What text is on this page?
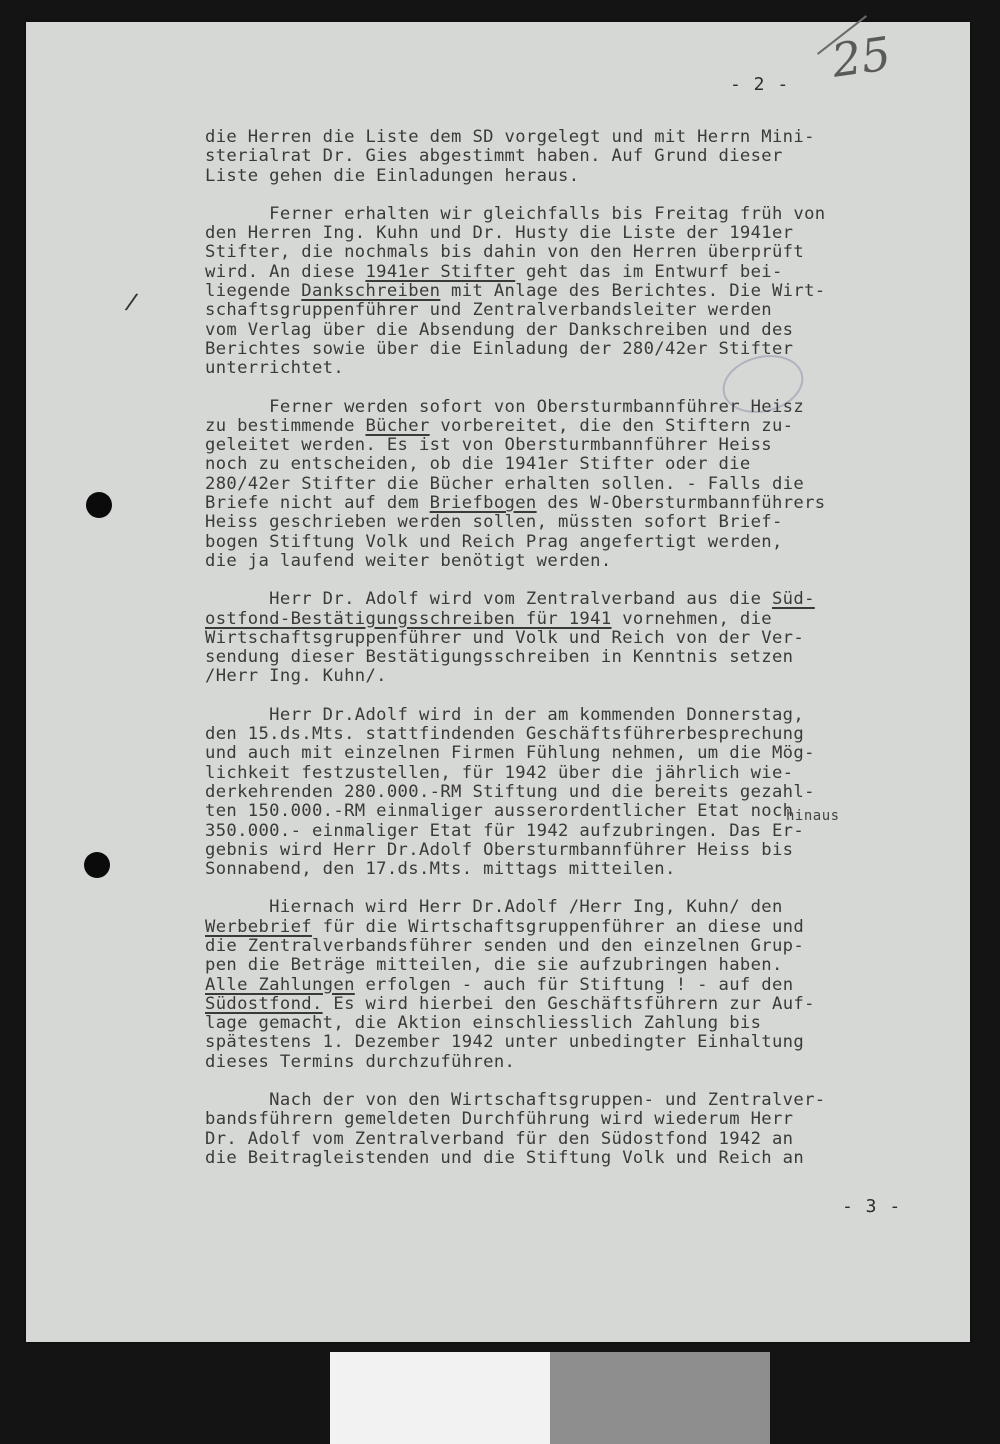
25
- 2 -
/
die Herren die Liste dem SD vorgelegt und mit Herrn Mini-
sterialrat Dr. Gies abgestimmt haben. Auf Grund dieser
Liste gehen die Einladungen heraus.
Ferner erhalten wir gleichfalls bis Freitag früh von
den Herren Ing. Kuhn und Dr. Husty die Liste der 1941er
Stifter, die nochmals bis dahin von den Herren überprüft
wird. An diese 1941er Stifter geht das im Entwurf bei-
liegende Dankschreiben mit Anlage des Berichtes. Die Wirt-
schaftsgruppenführer und Zentralverbandsleiter werden
vom Verlag über die Absendung der Dankschreiben und des
Berichtes sowie über die Einladung der 280/42er Stifter
unterrichtet.
Ferner werden sofort von Obersturmbannführer Heisz
zu bestimmende Bücher vorbereitet, die den Stiftern zu-
geleitet werden. Es ist von Obersturmbannführer Heiss
noch zu entscheiden, ob die 1941er Stifter oder die
280/42er Stifter die Bücher erhalten sollen. - Falls die
Briefe nicht auf dem Briefbogen des W-Obersturmbannführers
Heiss geschrieben werden sollen, müssten sofort Brief-
bogen Stiftung Volk und Reich Prag angefertigt werden,
die ja laufend weiter benötigt werden.
Herr Dr. Adolf wird vom Zentralverband aus die Süd-
ostfond-Bestätigungsschreiben für 1941 vornehmen, die
Wirtschaftsgruppenführer und Volk und Reich von der Ver-
sendung dieser Bestätigungsschreiben in Kenntnis setzen
/Herr Ing. Kuhn/.
Herr Dr.Adolf wird in der am kommenden Donnerstag,
den 15.ds.Mts. stattfindenden Geschäftsführerbesprechung
und auch mit einzelnen Firmen Fühlung nehmen, um die Mög-
lichkeit festzustellen, für 1942 über die jährlich wie-
derkehrenden 280.000.-RM Stiftung und die bereits gezahl-
ten 150.000.-RM einmaliger ausserordentlicher Etat noch
350.000.- einmaliger Etat für 1942 aufzubringen. Das Er-
gebnis wird Herr Dr.Adolf Obersturmbannführer Heiss bis
Sonnabend, den 17.ds.Mts. mittags mitteilen.
Hiernach wird Herr Dr.Adolf /Herr Ing, Kuhn/ den
Werbebrief für die Wirtschaftsgruppenführer an diese und
die Zentralverbandsführer senden und den einzelnen Grup-
pen die Beträge mitteilen, die sie aufzubringen haben.
Alle Zahlungen erfolgen - auch für Stiftung ! - auf den
Südostfond. Es wird hierbei den Geschäftsführern zur Auf-
lage gemacht, die Aktion einschliesslich Zahlung bis
spätestens 1. Dezember 1942 unter unbedingter Einhaltung
dieses Termins durchzuführen.
Nach der von den Wirtschaftsgruppen- und Zentralver-
bandsführern gemeldeten Durchführung wird wiederum Herr
Dr. Adolf vom Zentralverband für den Südostfond 1942 an
die Beitragleistenden und die Stiftung Volk und Reich an
hinaus
- 3 -
